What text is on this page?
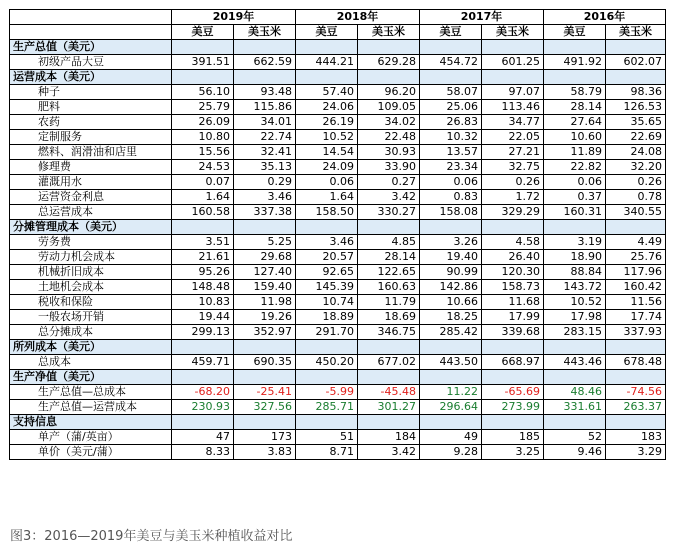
	2019年		2018年		2017年		2016年	
	美豆	美玉米	美豆	美玉米	美豆	美玉米	美豆	美玉米
生产总值（美元）								
初级产品大豆	391.51	662.59	444.21	629.28	454.72	601.25	491.92	602.07
运营成本（美元）								
种子	56.10	93.48	57.40	96.20	58.07	97.07	58.79	98.36
肥料	25.79	115.86	24.06	109.05	25.06	113.46	28.14	126.53
农药	26.09	34.01	26.19	34.02	26.83	34.77	27.64	35.65
定制服务	10.80	22.74	10.52	22.48	10.32	22.05	10.60	22.69
燃料、润滑油和店里	15.56	32.41	14.54	30.93	13.57	27.21	11.89	24.08
修理费	24.53	35.13	24.09	33.90	23.34	32.75	22.82	32.20
灌溉用水	0.07	0.29	0.06	0.27	0.06	0.26	0.06	0.26
运营资金利息	1.64	3.46	1.64	3.42	0.83	1.72	0.37	0.78
总运营成本	160.58	337.38	158.50	330.27	158.08	329.29	160.31	340.55
分摊管理成本（美元）								
劳务费	3.51	5.25	3.46	4.85	3.26	4.58	3.19	4.49
劳动力机会成本	21.61	29.68	20.57	28.14	19.40	26.40	18.90	25.76
机械折旧成本	95.26	127.40	92.65	122.65	90.99	120.30	88.84	117.96
土地机会成本	148.48	159.40	145.39	160.63	142.86	158.73	143.72	160.42
税收和保险	10.83	11.98	10.74	11.79	10.66	11.68	10.52	11.56
一般农场开销	19.44	19.26	18.89	18.69	18.25	17.99	17.98	17.74
总分摊成本	299.13	352.97	291.70	346.75	285.42	339.68	283.15	337.93
所列成本（美元）								
总成本	459.71	690.35	450.20	677.02	443.50	668.97	443.46	678.48
生产净值（美元）								
生产总值—总成本	-68.20	-25.41	-5.99	-45.48	11.22	-65.69	48.46	-74.56
生产总值—运营成本	230.93	327.56	285.71	301.27	296.64	273.99	331.61	263.37
支持信息								
单产（蒲/英亩）	47	173	51	184	49	185	52	183
单价（美元/蒲）	8.33	3.83	8.71	3.42	9.28	3.25	9.46	3.29
图3：2016—2019年美豆与美玉米种植收益对比
